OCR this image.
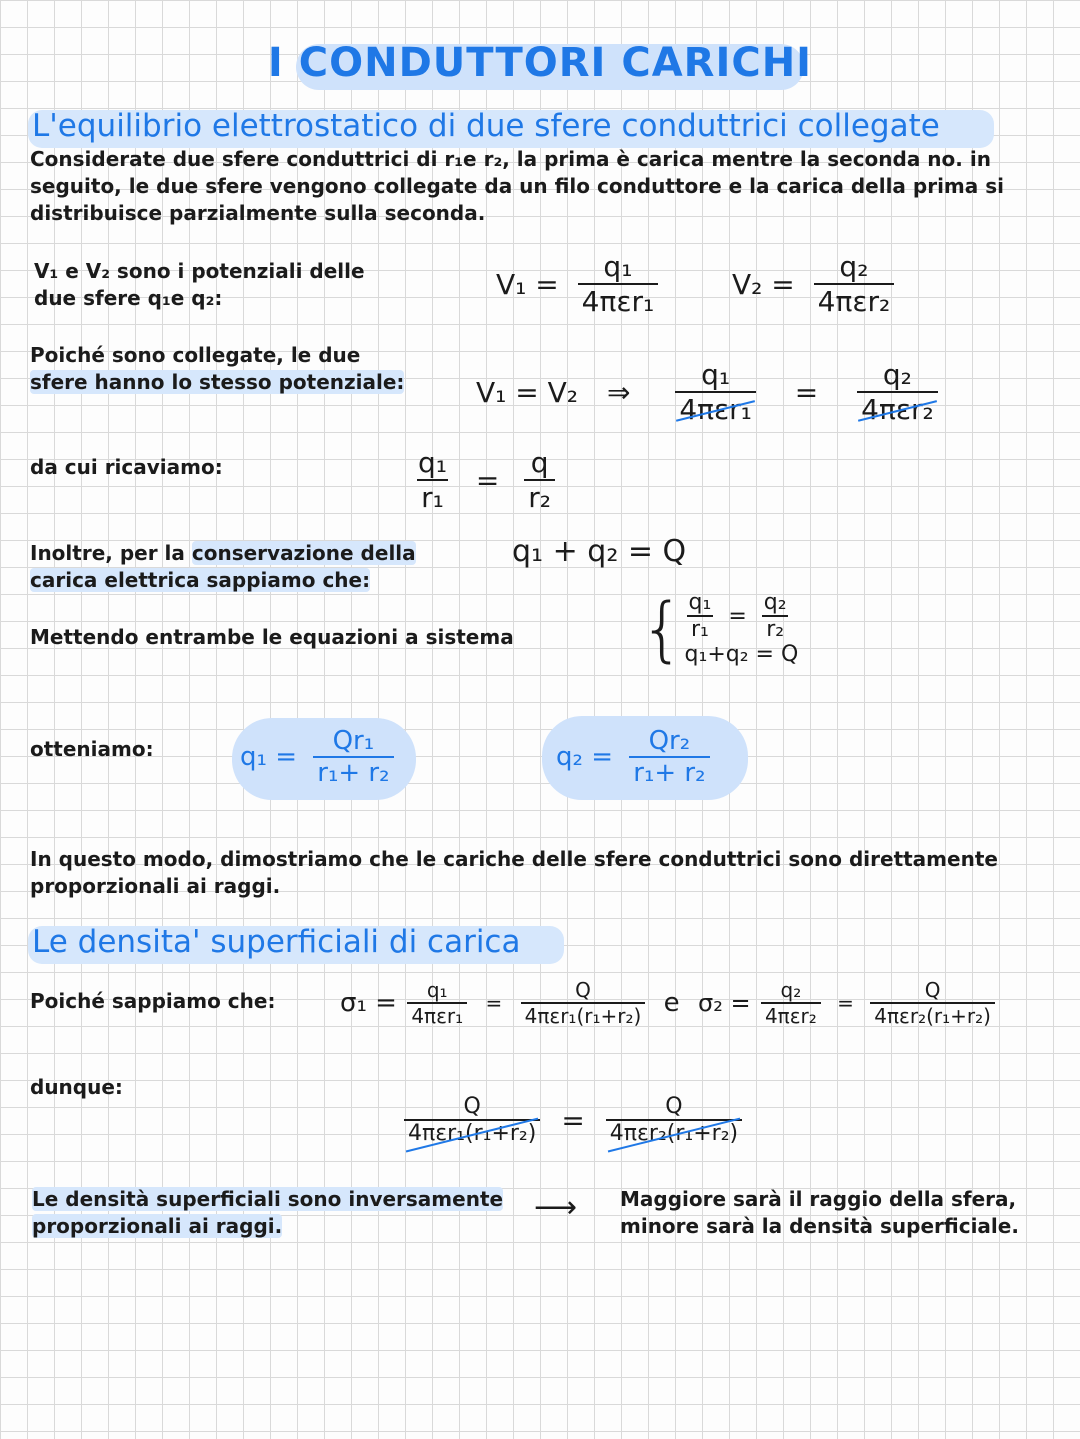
I CONDUTTORI CARICHI
L'equilibrio elettrostatico di due sfere conduttrici collegate
Considerate due sfere conduttrici di r₁e r₂, la prima è carica mentre la seconda no. in
seguito, le due sfere vengono collegate da un filo conduttore e la carica della prima si
distribuisce parzialmente sulla seconda.
V₁ e V₂ sono i potenziali delle
due sfere q₁e q₂:	$V_1 = \frac{\text{q₁}}{\text{4πεr₁}}$	$V_2 = \frac{\text{q₂}}{\text{4πεr₂}}$
Poiché sono collegate, le due
sfere hanno lo stesso potenziale:	V₁ = V₂ ⇒ $\frac{\text{q₁}}{\text{4πεr₁}} = \frac{\text{q₂}}{\text{4πεr₂}}$
da cui ricaviamo:	$\frac{\text{q₁}}{\text{r₁}} = \frac{q}{\text{r₂}}$
Inoltre, per la conservazione della
carica elettrica sappiamo che:
q₁ + q₂ = Q
Mettendo entrambe le equazioni a sistema { $\frac{\text{q₁}}{\text{r₁}} = \frac{\text{q₂}}{\text{r₂}}$
q₁+q₂ = Q
otteniamo:	$q_1 = \frac{\text{Qr₁}}{\text{r₁+ r₂}}$	$q_2 = \frac{\text{Qr₂}}{\text{r₁+ r₂}}$
In questo modo, dimostriamo che le cariche delle sfere conduttrici sono direttamente
proporzionali ai raggi.
Le densita' superficiali di carica
Poiché sappiamo che: $\sigma_1 = \frac{\text{q₁}}{\text{4πεr₁}} = \frac{Q}{\text{4πεr₁(r₁+r₂)}}$ e $\sigma_2 = \frac{\text{q₂}}{\text{4πεr₂}} = \frac{Q}{\text{4πεr₂(r₁+r₂)}}$
dunque:
$\frac{Q}{\text{4πεr₁(r₁+r₂)}} = \frac{Q}{\text{4πεr₂(r₁+r₂)}}$
Le densità superficiali sono inversamente
proporzionali ai raggi.
⟶ Maggiore sarà il raggio della sfera,
minore sarà la densità superficiale.
